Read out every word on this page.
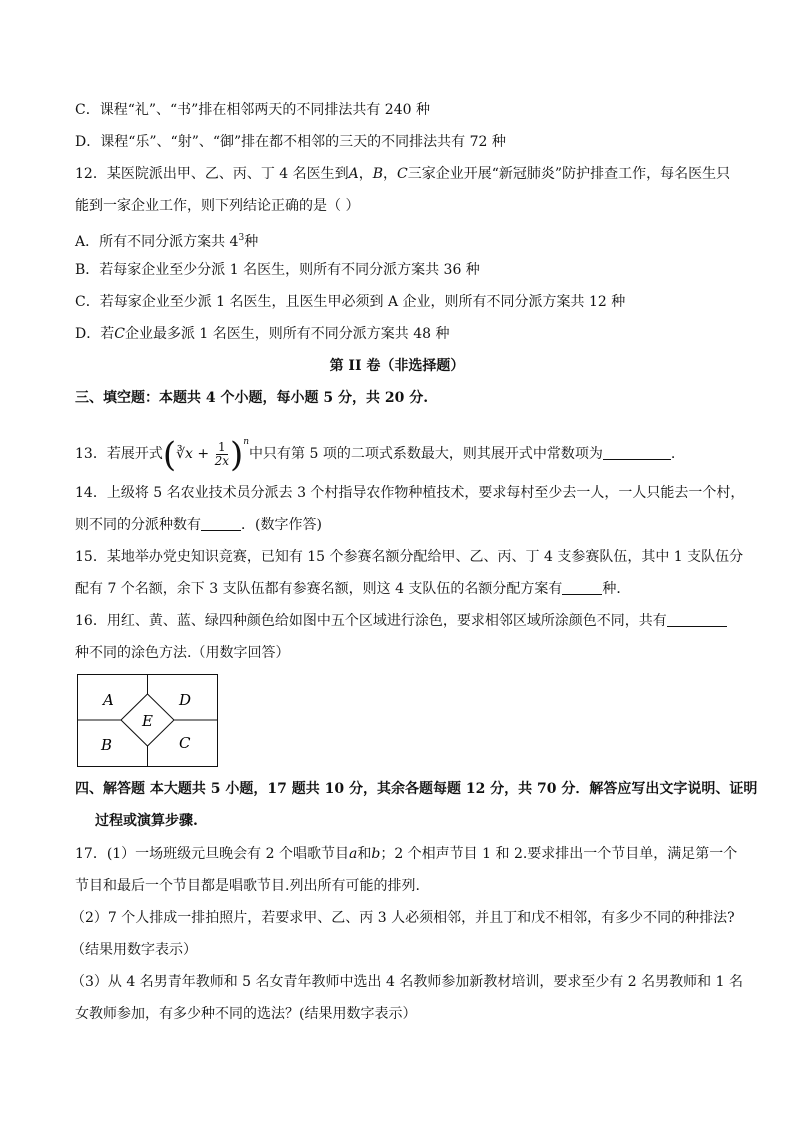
C．课程“礼”、“书”排在相邻两天的不同排法共有 240 种
D．课程“乐”、“射”、“御”排在都不相邻的三天的不同排法共有 72 种
12．某医院派出甲、乙、丙、丁 4 名医生到A，B，C三家企业开展“新冠肺炎”防护排查工作，每名医生只
能到一家企业工作，则下列结论正确的是（ ）
A．所有不同分派方案共 $4^3$种
B．若每家企业至少分派 1 名医生，则所有不同分派方案共 36 种
C．若每家企业至少派 1 名医生，且医生甲必须到 A 企业，则所有不同分派方案共 12 种
D．若C企业最多派 1 名医生，则所有不同分派方案共 48 种
第 II 卷（非选择题）
三、填空题：本题共 4 个小题，每小题 5 分，共 20 分.
13．若展开式(∛x + $\frac{1}{2x} )^n$中只有第 5 项的二项式系数最大，则其展开式中常数项为	.
14．上级将 5 名农业技术员分派去 3 个村指导农作物种植技术，要求每村至少去一人，一人只能去一个村，
则不同的分派种数有	．(数字作答)
15．某地举办党史知识竞赛，已知有 15 个参赛名额分配给甲、乙、丙、丁 4 支参赛队伍，其中 1 支队伍分
配有 7 个名额，余下 3 支队伍都有参赛名额，则这 4 支队伍的名额分配方案有	种．
16．用红、黄、蓝、绿四种颜色给如图中五个区域进行涂色，要求相邻区域所涂颜色不同，共有
种不同的涂色方法.（用数字回答）
A	D
E
B	C
四、解答题 本大题共 5 小题，17 题共 10 分，其余各题每题 12 分，共 70 分．解答应写出文字说明、证明
过程或演算步骤.
17．(1）一场班级元旦晚会有 2 个唱歌节目a和b；2 个相声节目 1 和 2.要求排出一个节目单，满足第一个
节目和最后一个节目都是唱歌节目.列出所有可能的排列.
（2）7 个人排成一排拍照片，若要求甲、乙、丙 3 人必须相邻，并且丁和戊不相邻，有多少不同的种排法?
（结果用数字表示）
（3）从 4 名男青年教师和 5 名女青年教师中选出 4 名教师参加新教材培训，要求至少有 2 名男教师和 1 名
女教师参加，有多少种不同的选法？(结果用数字表示）
